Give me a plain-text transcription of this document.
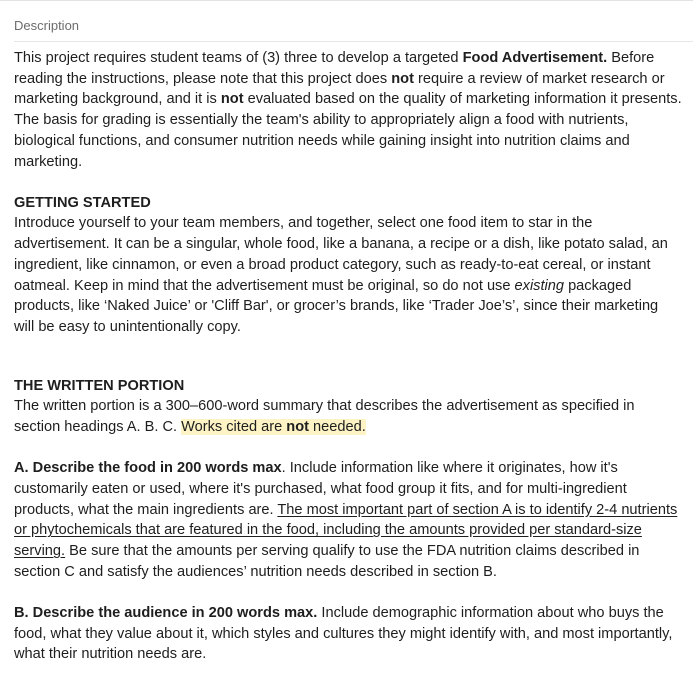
Description

This project requires student teams of (3) three to develop a targeted Food Advertisement. Before reading the instructions, please note that this project does not require a review of market research or marketing background, and it is not evaluated based on the quality of marketing information it presents. The basis for grading is essentially the team's ability to appropriately align a food with nutrients, biological functions, and consumer nutrition needs while gaining insight into nutrition claims and marketing.

GETTING STARTED

Introduce yourself to your team members, and together, select one food item to star in the advertisement. It can be a singular, whole food, like a banana, a recipe or a dish, like potato salad, an ingredient, like cinnamon, or even a broad product category, such as ready-to-eat cereal, or instant oatmeal. Keep in mind that the advertisement must be original, so do not use existing packaged products, like ‘Naked Juice’ or 'Cliff Bar', or grocer’s brands, like ‘Trader Joe’s’, since their marketing will be easy to unintentionally copy.

THE WRITTEN PORTION

The written portion is a 300–600-word summary that describes the advertisement as specified in section headings A. B. C. Works cited are not needed.

A. Describe the food in 200 words max. Include information like where it originates, how it's customarily eaten or used, where it's purchased, what food group it fits, and for multi-ingredient products, what the main ingredients are. The most important part of section A is to identify 2-4 nutrients or phytochemicals that are featured in the food, including the amounts provided per standard-size serving. Be sure that the amounts per serving qualify to use the FDA nutrition claims described in section C and satisfy the audiences’ nutrition needs described in section B.

B. Describe the audience in 200 words max. Include demographic information about who buys the food, what they value about it, which styles and cultures they might identify with, and most importantly, what their nutrition needs are.
